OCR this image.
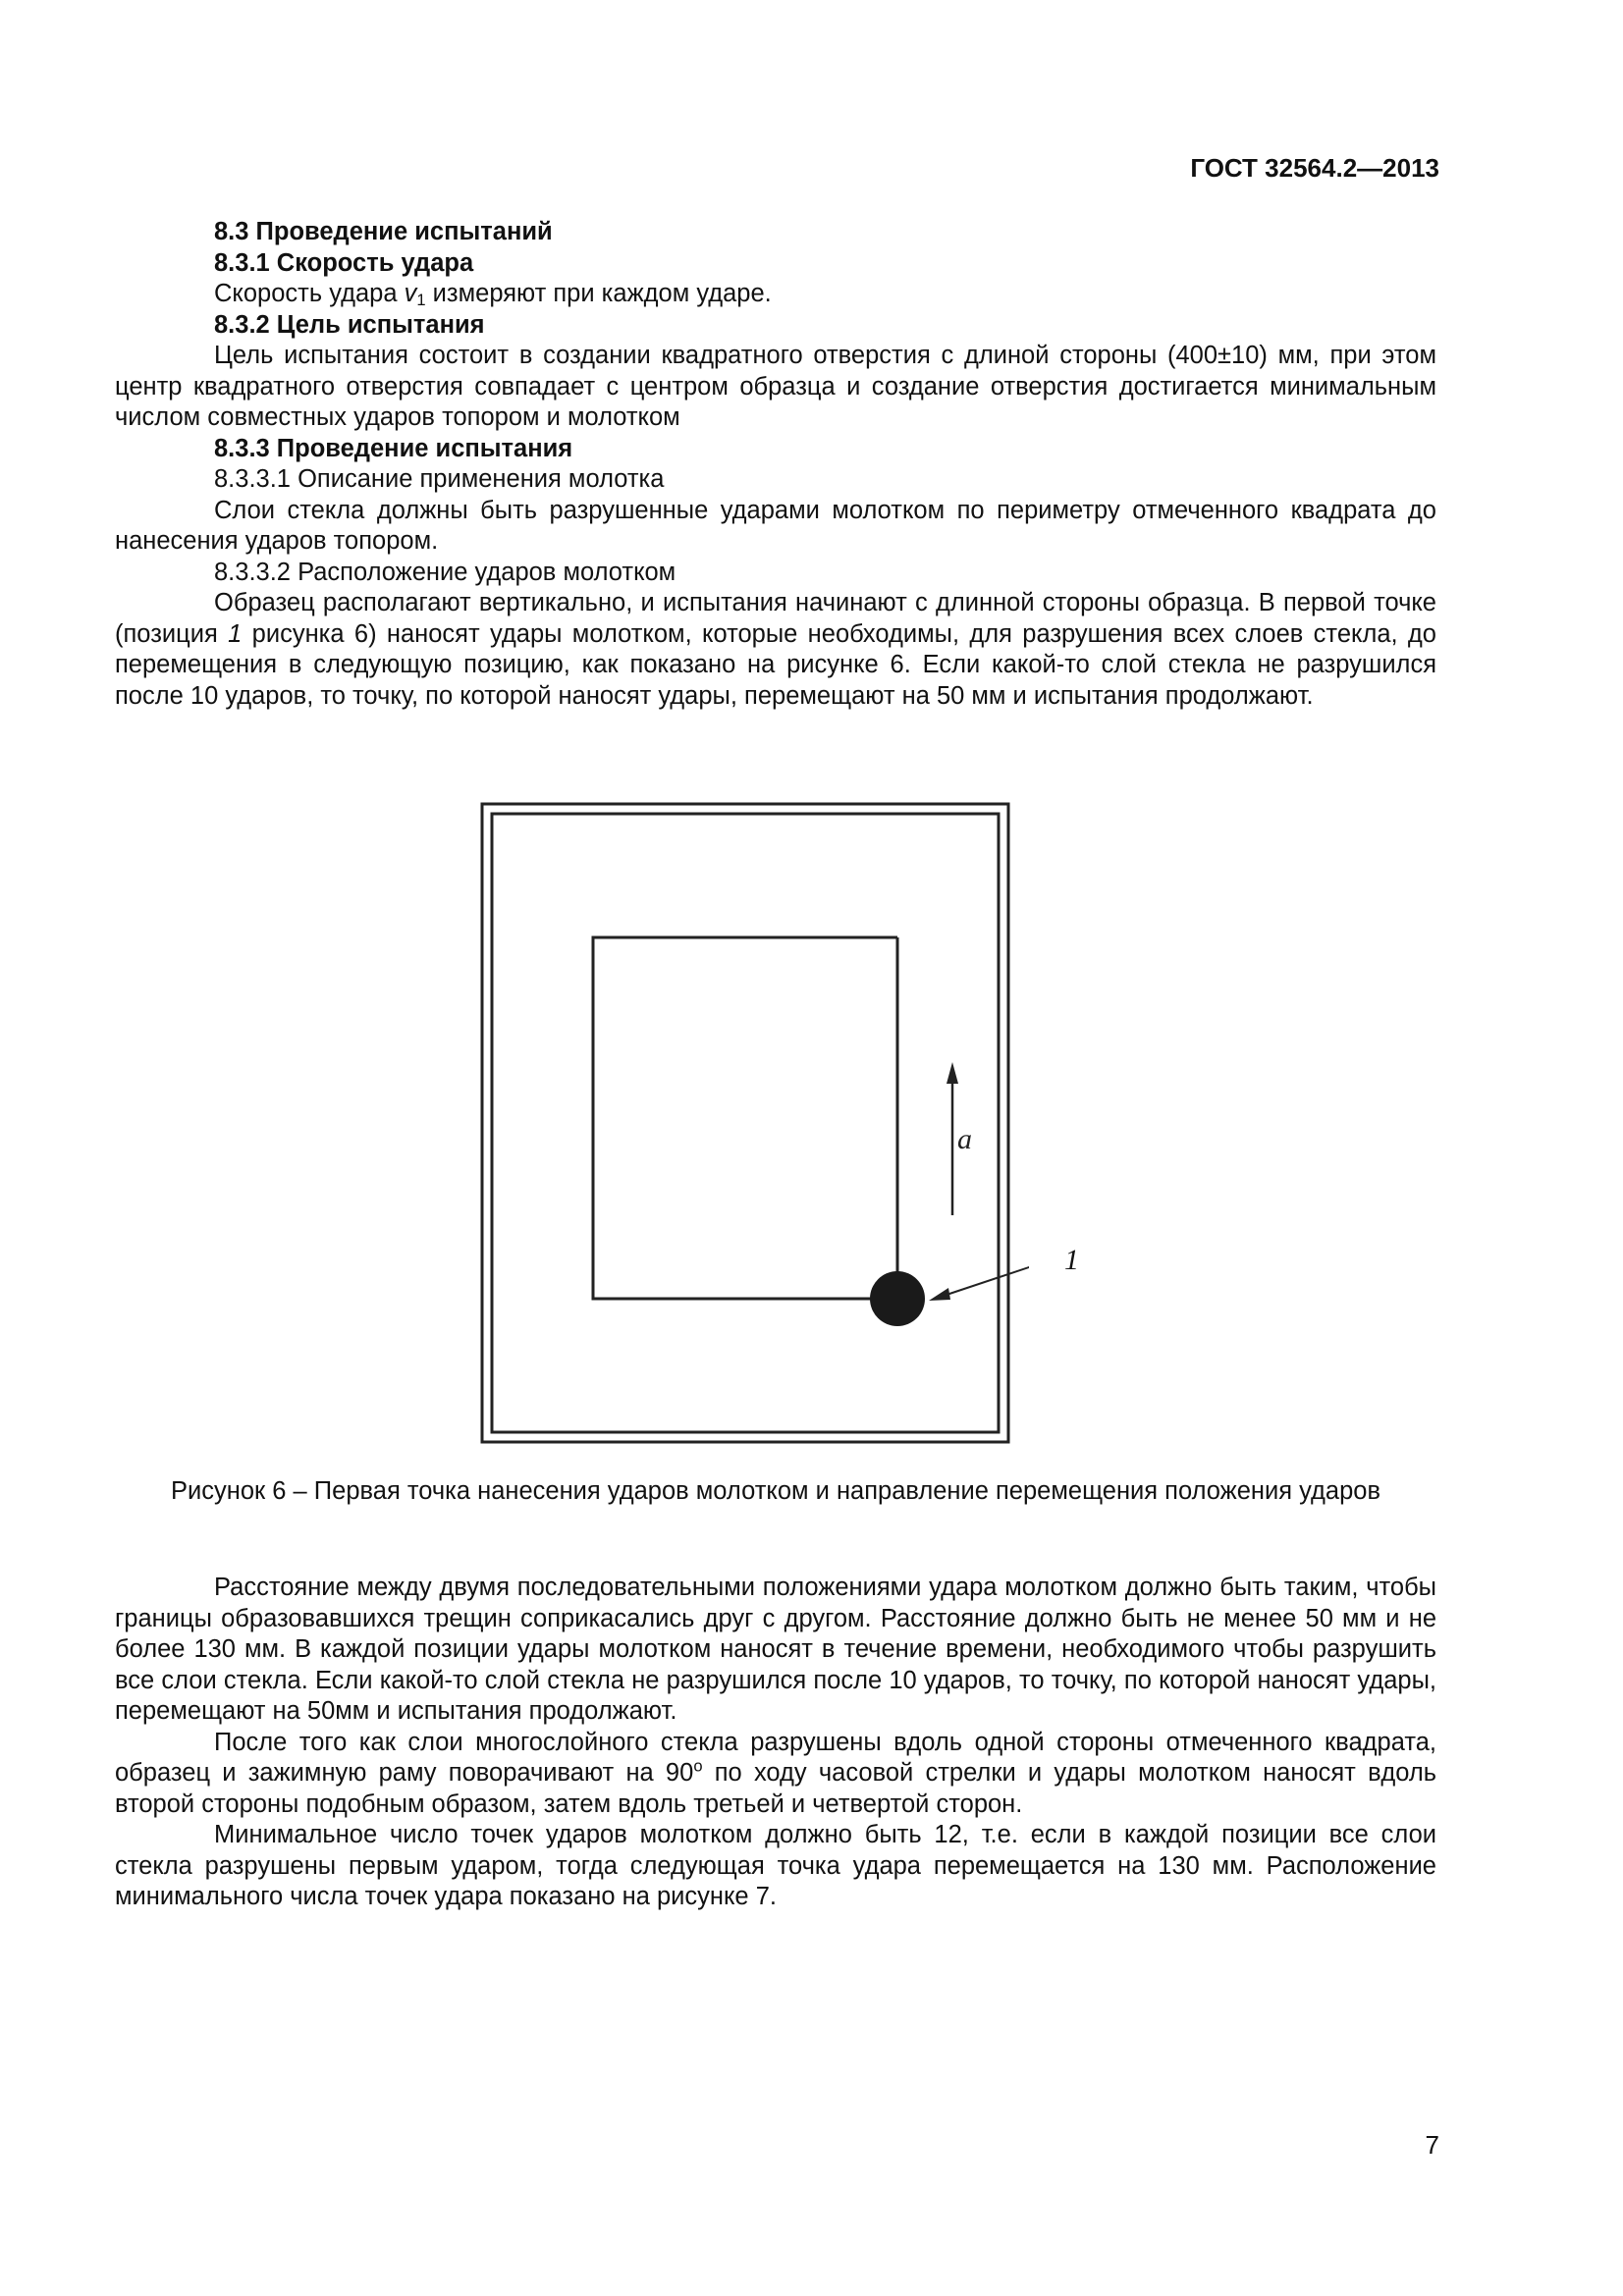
ГОСТ 32564.2—2013

8.3 Проведение испытаний

8.3.1 Скорость удара

Скорость удара $v_1$ измеряют при каждом ударе.

8.3.2 Цель испытания

Цель испытания состоит в создании квадратного отверстия с длиной стороны (400±10) мм, при этом центр квадратного отверстия совпадает с центром образца и создание отверстия достигается минимальным числом совместных ударов топором и молотком

8.3.3 Проведение испытания

8.3.3.1 Описание применения молотка

Слои стекла должны быть разрушенные ударами молотком по периметру отмеченного квадрата до нанесения ударов топором.

8.3.3.2 Расположение ударов молотком

Образец располагают вертикально, и испытания начинают с длинной стороны образца. В первой точке (позиция 1 рисунка 6) наносят удары молотком, которые необходимы, для разрушения всех слоев стекла, до перемещения в следующую позицию, как показано на рисунке 6. Если какой-то слой стекла не разрушился после 10 ударов, то точку, по которой наносят удары, перемещают на 50 мм и испытания продолжают.

a
1
Рисунок 6 – Первая точка нанесения ударов молотком и направление перемещения положения ударов

Расстояние между двумя последовательными положениями удара молотком должно быть таким, чтобы границы образовавшихся трещин соприкасались друг с другом. Расстояние должно быть не менее 50 мм и не более 130 мм. В каждой позиции удары молотком наносят в течение времени, необходимого чтобы разрушить все слои стекла. Если какой-то слой стекла не разрушился после 10 ударов, то точку, по которой наносят удары, перемещают на 50мм и испытания продолжают.

После того как слои многослойного стекла разрушены вдоль одной стороны отмеченного квадрата, образец и зажимную раму поворачивают на 90$^o$ по ходу часовой стрелки и удары молотком наносят вдоль второй стороны подобным образом, затем вдоль третьей и четвертой сторон.

Минимальное число точек ударов молотком должно быть 12, т.е. если в каждой позиции все слои стекла разрушены первым ударом, тогда следующая точка удара перемещается на 130 мм. Расположение минимального числа точек удара показано на рисунке 7.

7
